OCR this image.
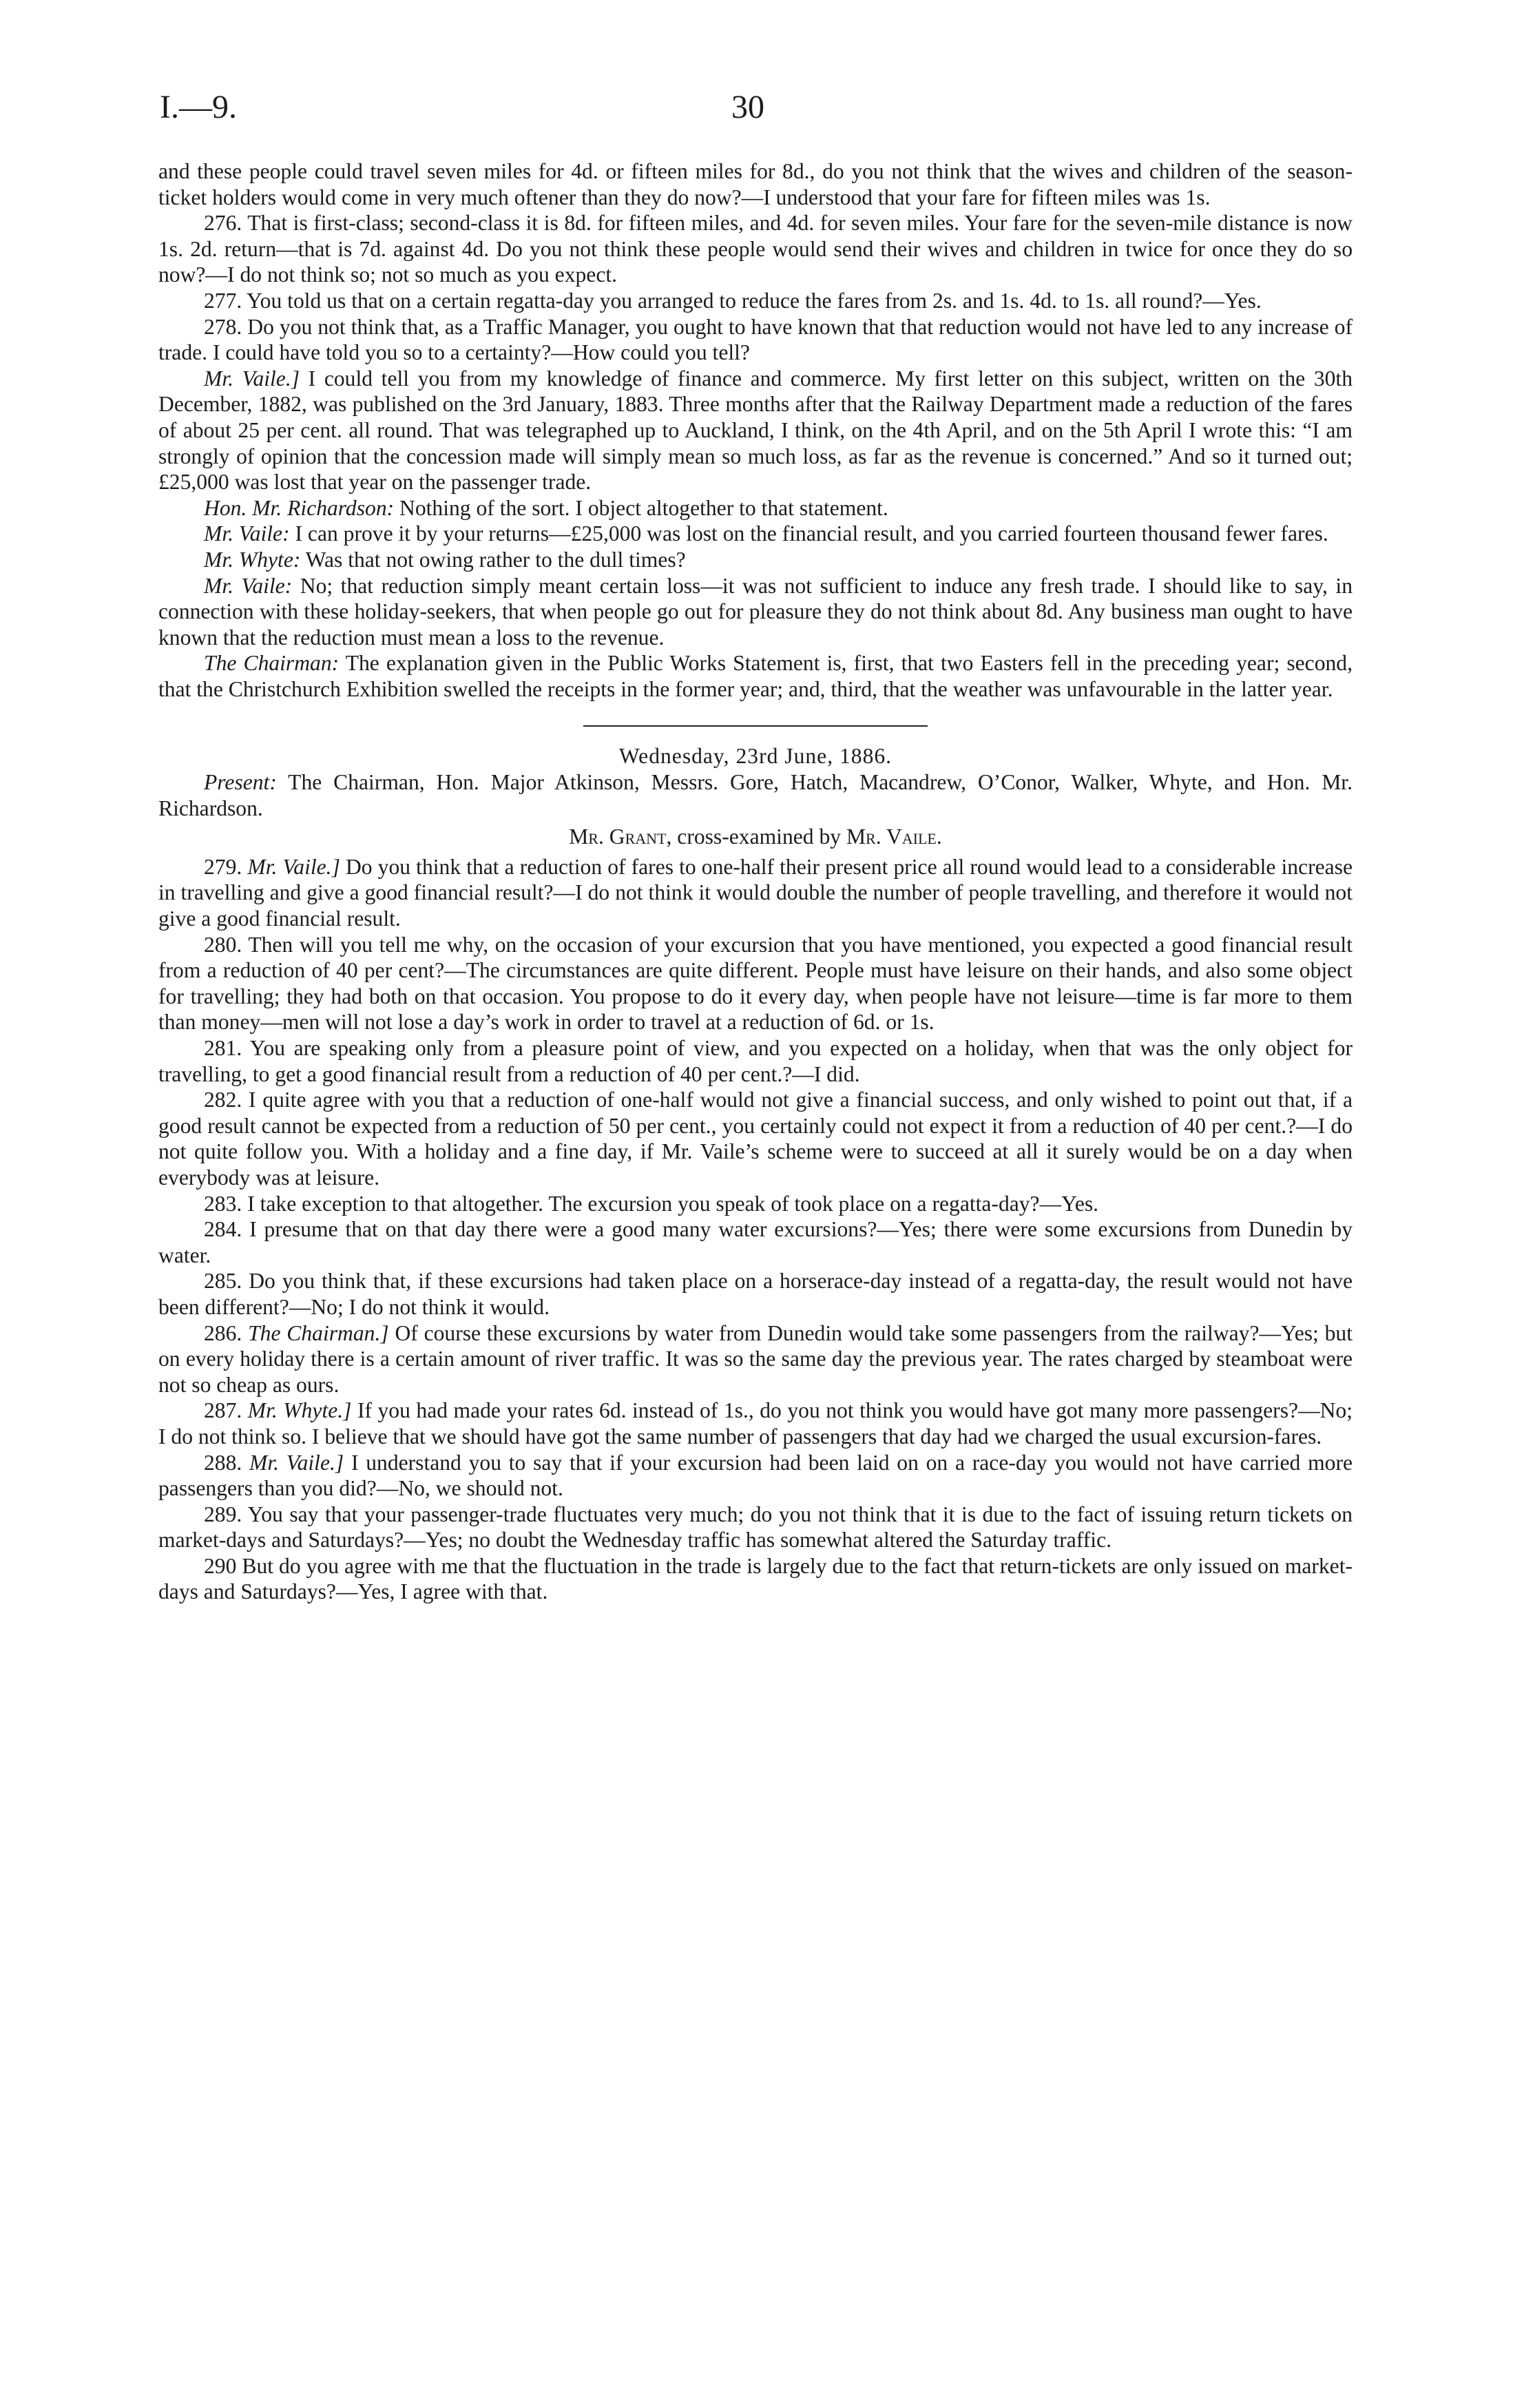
I.—9.	30

and these people could travel seven miles for 4d. or fifteen miles for 8d., do you not think that the wives and children of the season-ticket holders would come in very much oftener than they do now?—I understood that your fare for fifteen miles was 1s.

276. That is first-class; second-class it is 8d. for fifteen miles, and 4d. for seven miles. Your fare for the seven-mile distance is now 1s. 2d. return—that is 7d. against 4d. Do you not think these people would send their wives and children in twice for once they do so now?—I do not think so; not so much as you expect.

277. You told us that on a certain regatta-day you arranged to reduce the fares from 2s. and 1s. 4d. to 1s. all round?—Yes.

278. Do you not think that, as a Traffic Manager, you ought to have known that that reduction would not have led to any increase of trade. I could have told you so to a certainty?—How could you tell?

Mr. Vaile.] I could tell you from my knowledge of finance and commerce. My first letter on this subject, written on the 30th December, 1882, was published on the 3rd January, 1883. Three months after that the Railway Department made a reduction of the fares of about 25 per cent. all round. That was telegraphed up to Auckland, I think, on the 4th April, and on the 5th April I wrote this: “I am strongly of opinion that the concession made will simply mean so much loss, as far as the revenue is concerned.” And so it turned out; £25,000 was lost that year on the passenger trade.

Hon. Mr. Richardson: Nothing of the sort. I object altogether to that statement.

Mr. Vaile: I can prove it by your returns—£25,000 was lost on the financial result, and you carried fourteen thousand fewer fares.

Mr. Whyte: Was that not owing rather to the dull times?

Mr. Vaile: No; that reduction simply meant certain loss—it was not sufficient to induce any fresh trade. I should like to say, in connection with these holiday-seekers, that when people go out for pleasure they do not think about 8d. Any business man ought to have known that the reduction must mean a loss to the revenue.

The Chairman: The explanation given in the Public Works Statement is, first, that two Easters fell in the preceding year; second, that the Christchurch Exhibition swelled the receipts in the former year; and, third, that the weather was unfavourable in the latter year.

Wednesday, 23rd June, 1886.

Present: The Chairman, Hon. Major Atkinson, Messrs. Gore, Hatch, Macandrew, O’Conor, Walker, Whyte, and Hon. Mr. Richardson.

Mr. Grant, cross-examined by Mr. Vaile.

279. Mr. Vaile.] Do you think that a reduction of fares to one-half their present price all round would lead to a considerable increase in travelling and give a good financial result?—I do not think it would double the number of people travelling, and therefore it would not give a good financial result.

280. Then will you tell me why, on the occasion of your excursion that you have mentioned, you expected a good financial result from a reduction of 40 per cent?—The circumstances are quite different. People must have leisure on their hands, and also some object for travelling; they had both on that occasion. You propose to do it every day, when people have not leisure—time is far more to them than money—men will not lose a day’s work in order to travel at a reduction of 6d. or 1s.

281. You are speaking only from a pleasure point of view, and you expected on a holiday, when that was the only object for travelling, to get a good financial result from a reduction of 40 per cent.?—I did.

282. I quite agree with you that a reduction of one-half would not give a financial success, and only wished to point out that, if a good result cannot be expected from a reduction of 50 per cent., you certainly could not expect it from a reduction of 40 per cent.?—I do not quite follow you. With a holiday and a fine day, if Mr. Vaile’s scheme were to succeed at all it surely would be on a day when everybody was at leisure.

283. I take exception to that altogether. The excursion you speak of took place on a regatta-day?—Yes.

284. I presume that on that day there were a good many water excursions?—Yes; there were some excursions from Dunedin by water.

285. Do you think that, if these excursions had taken place on a horserace-day instead of a regatta-day, the result would not have been different?—No; I do not think it would.

286. The Chairman.] Of course these excursions by water from Dunedin would take some passengers from the railway?—Yes; but on every holiday there is a certain amount of river traffic. It was so the same day the previous year. The rates charged by steamboat were not so cheap as ours.

287. Mr. Whyte.] If you had made your rates 6d. instead of 1s., do you not think you would have got many more passengers?—No; I do not think so. I believe that we should have got the same number of passengers that day had we charged the usual excursion-fares.

288. Mr. Vaile.] I understand you to say that if your excursion had been laid on on a race-day you would not have carried more passengers than you did?—No, we should not.

289. You say that your passenger-trade fluctuates very much; do you not think that it is due to the fact of issuing return tickets on market-days and Saturdays?—Yes; no doubt the Wednesday traffic has somewhat altered the Saturday traffic.

290 But do you agree with me that the fluctuation in the trade is largely due to the fact that return-tickets are only issued on market-days and Saturdays?—Yes, I agree with that.
